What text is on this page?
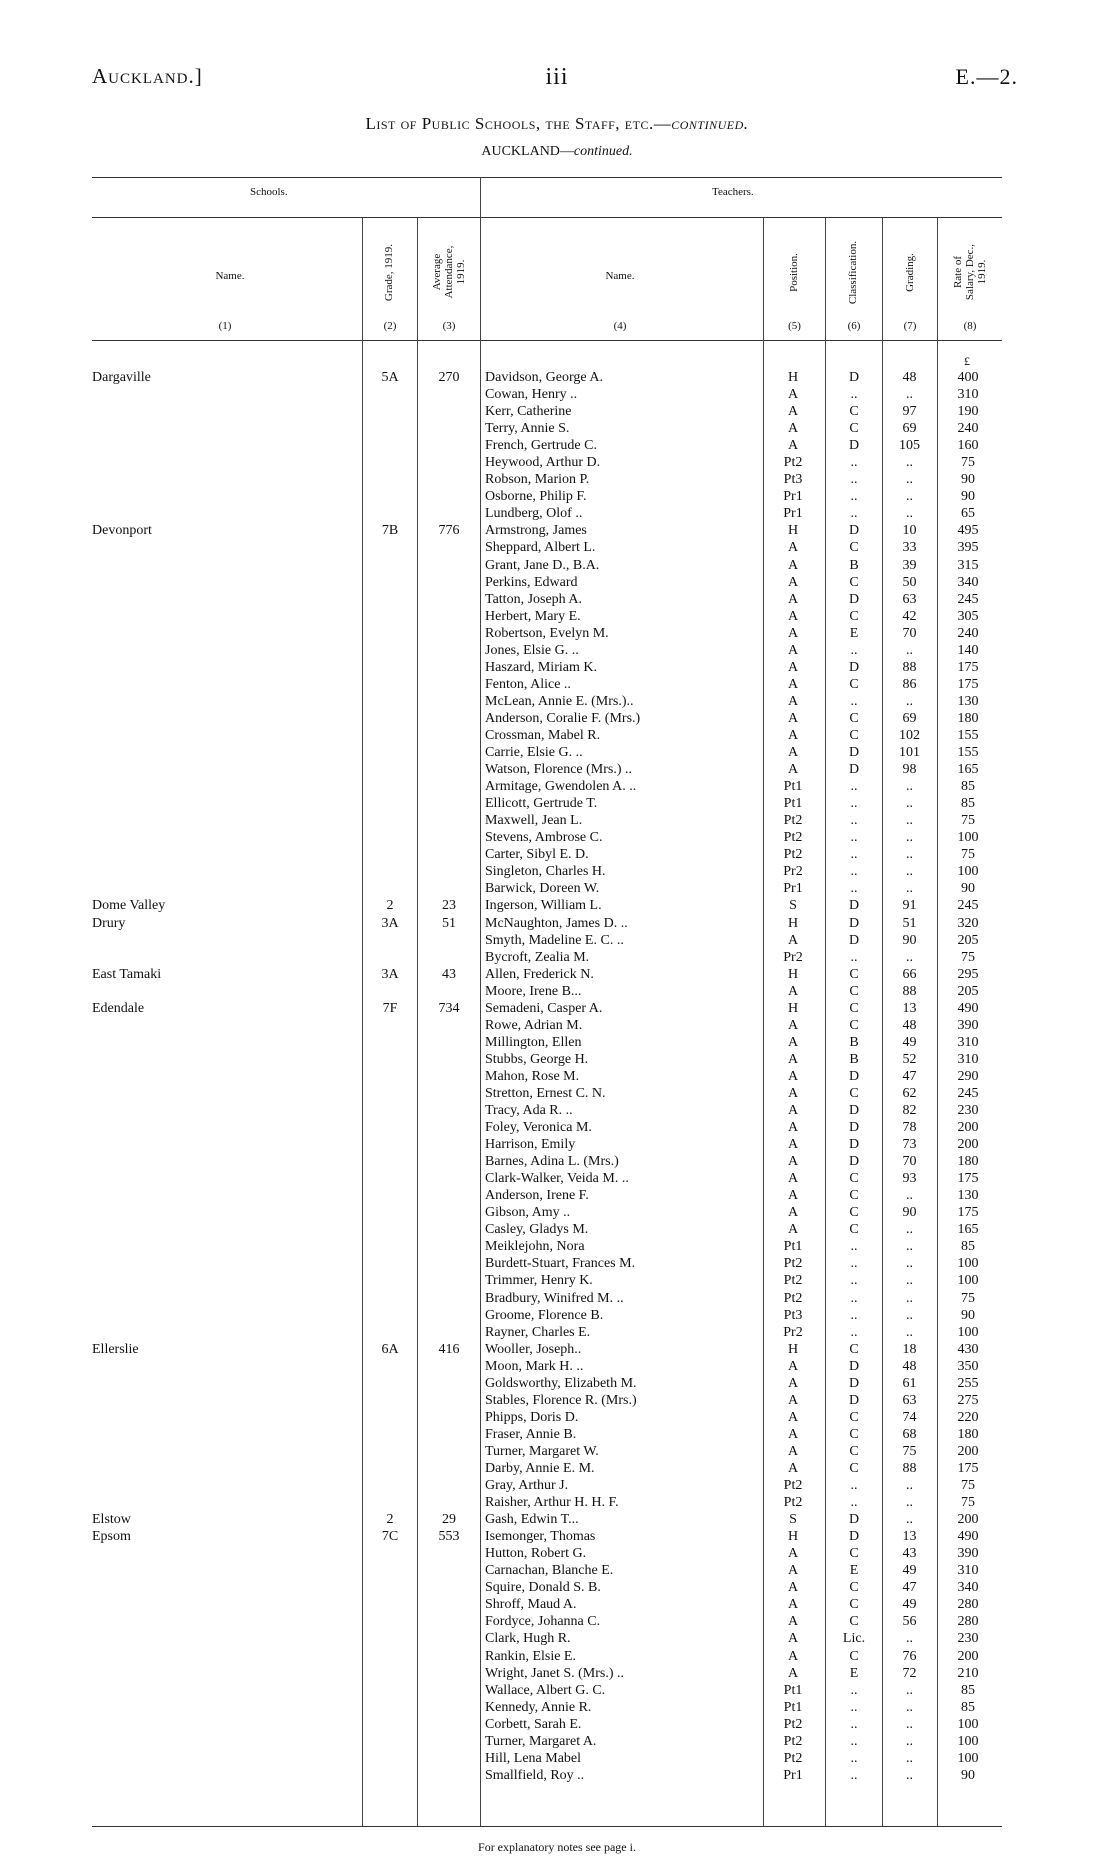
Auckland.]	iii	E.—2.
List of Public Schools, the Staff, etc.—continued.
AUCKLAND—continued.
Schools.	Teachers.
Name.	Grade, 1919.	Average Attendance, 1919.	Name.	Position.	Classification.	Grading.	Rate of Salary, Dec., 1919.
(1)	(2)	(3)	(4)	(5)	(6)	(7)	(8)
£
Dargaville	5A	270	Davidson, George A.	H	D	48	400
Cowan, Henry ..	A	..	..	310
Kerr, Catherine	A	C	97	190
Terry, Annie S.	A	C	69	240
French, Gertrude C.	A	D	105	160
Heywood, Arthur D.	Pt2	..	..	75
Robson, Marion P.	Pt3	..	..	90
Osborne, Philip F.	Pr1	..	..	90
Lundberg, Olof ..	Pr1	..	..	65
Devonport	7B	776	Armstrong, James	H	D	10	495
Sheppard, Albert L.	A	C	33	395
Grant, Jane D., B.A.	A	B	39	315
Perkins, Edward	A	C	50	340
Tatton, Joseph A.	A	D	63	245
Herbert, Mary E.	A	C	42	305
Robertson, Evelyn M.	A	E	70	240
Jones, Elsie G. ..	A	..	..	140
Haszard, Miriam K.	A	D	88	175
Fenton, Alice ..	A	C	86	175
McLean, Annie E. (Mrs.)..	A	..	..	130
Anderson, Coralie F. (Mrs.)	A	C	69	180
Crossman, Mabel R.	A	C	102	155
Carrie, Elsie G. ..	A	D	101	155
Watson, Florence (Mrs.) ..	A	D	98	165
Armitage, Gwendolen A. ..	Pt1	..	..	85
Ellicott, Gertrude T.	Pt1	..	..	85
Maxwell, Jean L.	Pt2	..	..	75
Stevens, Ambrose C.	Pt2	..	..	100
Carter, Sibyl E. D.	Pt2	..	..	75
Singleton, Charles H.	Pr2	..	..	100
Barwick, Doreen W.	Pr1	..	..	90
Dome Valley	2	23	Ingerson, William L.	S	D	91	245
Drury	3A	51	McNaughton, James D. ..	H	D	51	320
Smyth, Madeline E. C. ..	A	D	90	205
Bycroft, Zealia M.	Pr2	..	..	75
East Tamaki	3A	43	Allen, Frederick N.	H	C	66	295
Moore, Irene B...	A	C	88	205
Edendale	7F	734	Semadeni, Casper A.	H	C	13	490
Rowe, Adrian M.	A	C	48	390
Millington, Ellen	A	B	49	310
Stubbs, George H.	A	B	52	310
Mahon, Rose M.	A	D	47	290
Stretton, Ernest C. N.	A	C	62	245
Tracy, Ada R. ..	A	D	82	230
Foley, Veronica M.	A	D	78	200
Harrison, Emily	A	D	73	200
Barnes, Adina L. (Mrs.)	A	D	70	180
Clark-Walker, Veida M. ..	A	C	93	175
Anderson, Irene F.	A	C	..	130
Gibson, Amy ..	A	C	90	175
Casley, Gladys M.	A	C	..	165
Meiklejohn, Nora	Pt1	..	..	85
Burdett-Stuart, Frances M.	Pt2	..	..	100
Trimmer, Henry K.	Pt2	..	..	100
Bradbury, Winifred M. ..	Pt2	..	..	75
Groome, Florence B.	Pt3	..	..	90
Rayner, Charles E.	Pr2	..	..	100
Ellerslie	6A	416	Wooller, Joseph..	H	C	18	430
Moon, Mark H. ..	A	D	48	350
Goldsworthy, Elizabeth M.	A	D	61	255
Stables, Florence R. (Mrs.)	A	D	63	275
Phipps, Doris D.	A	C	74	220
Fraser, Annie B.	A	C	68	180
Turner, Margaret W.	A	C	75	200
Darby, Annie E. M.	A	C	88	175
Gray, Arthur J.	Pt2	..	..	75
Raisher, Arthur H. H. F.	Pt2	..	..	75
Elstow	2	29	Gash, Edwin T...	S	D	..	200
Epsom	7C	553	Isemonger, Thomas	H	D	13	490
Hutton, Robert G.	A	C	43	390
Carnachan, Blanche E.	A	E	49	310
Squire, Donald S. B.	A	C	47	340
Shroff, Maud A.	A	C	49	280
Fordyce, Johanna C.	A	C	56	280
Clark, Hugh R.	A	Lic.	..	230
Rankin, Elsie E.	A	C	76	200
Wright, Janet S. (Mrs.) ..	A	E	72	210
Wallace, Albert G. C.	Pt1	..	..	85
Kennedy, Annie R.	Pt1	..	..	85
Corbett, Sarah E.	Pt2	..	..	100
Turner, Margaret A.	Pt2	..	..	100
Hill, Lena Mabel	Pt2	..	..	100
Smallfield, Roy ..	Pr1	..	..	90
For explanatory notes see page i.
